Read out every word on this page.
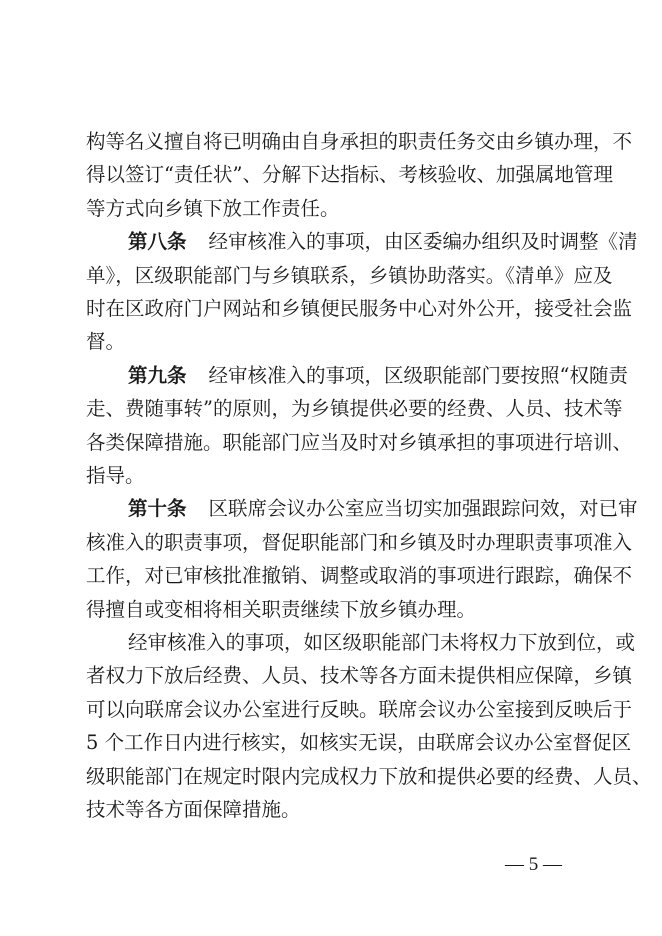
构等名义擅自将已明确由自身承担的职责任务交由乡镇办理，不
得以签订“责任状”、分解下达指标、考核验收、加强属地管理
等方式向乡镇下放工作责任。
第八条 经审核准入的事项，由区委编办组织及时调整《清
单》，区级职能部门与乡镇联系，乡镇协助落实。《清单》应及
时在区政府门户网站和乡镇便民服务中心对外公开，接受社会监
督。
第九条 经审核准入的事项，区级职能部门要按照“权随责
走、费随事转”的原则，为乡镇提供必要的经费、人员、技术等
各类保障措施。职能部门应当及时对乡镇承担的事项进行培训、
指导。
第十条 区联席会议办公室应当切实加强跟踪问效，对已审
核准入的职责事项，督促职能部门和乡镇及时办理职责事项准入
工作，对已审核批准撤销、调整或取消的事项进行跟踪，确保不
得擅自或变相将相关职责继续下放乡镇办理。
经审核准入的事项，如区级职能部门未将权力下放到位，或
者权力下放后经费、人员、技术等各方面未提供相应保障，乡镇
可以向联席会议办公室进行反映。联席会议办公室接到反映后于
5 个工作日内进行核实，如核实无误，由联席会议办公室督促区
级职能部门在规定时限内完成权力下放和提供必要的经费、人员、
技术等各方面保障措施。
— 5 —
